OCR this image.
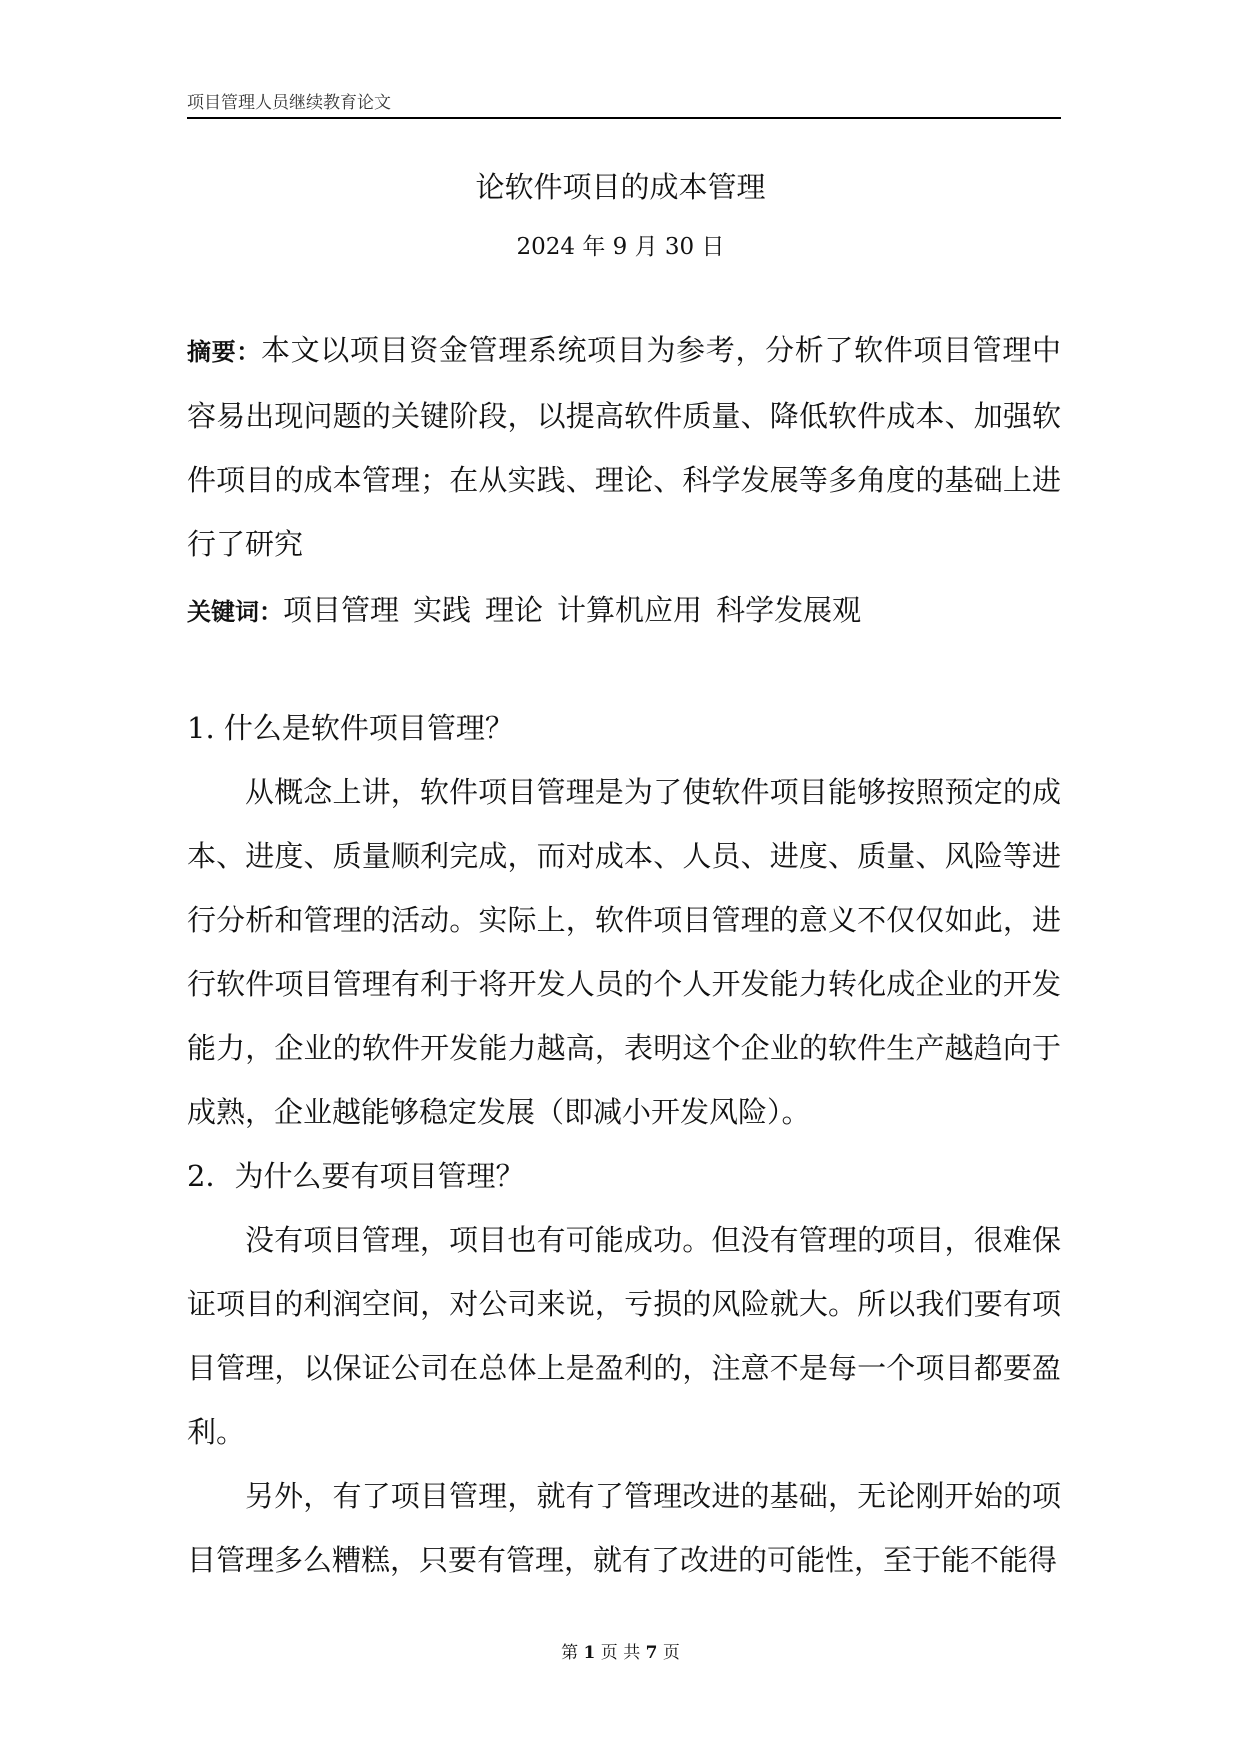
项目管理人员继续教育论文
论软件项目的成本管理
2024 年 9 月 30 日

摘要：本文以项目资金管理系统项目为参考，分析了软件项目管理中容易出现问题的关键阶段，以提高软件质量、降低软件成本、加强软件项目的成本管理；在从实践、理论、科学发展等多角度的基础上进行了研究

关键词：项目管理 实践 理论 计算机应用 科学发展观

1. 什么是软件项目管理？

从概念上讲，软件项目管理是为了使软件项目能够按照预定的成本、进度、质量顺利完成，而对成本、人员、进度、质量、风险等进行分析和管理的活动。实际上，软件项目管理的意义不仅仅如此，进行软件项目管理有利于将开发人员的个人开发能力转化成企业的开发能力，企业的软件开发能力越高，表明这个企业的软件生产越趋向于成熟，企业越能够稳定发展（即减小开发风险）。

2．为什么要有项目管理？

没有项目管理，项目也有可能成功。但没有管理的项目，很难保证项目的利润空间，对公司来说，亏损的风险就大。所以我们要有项目管理，以保证公司在总体上是盈利的，注意不是每一个项目都要盈利。

另外，有了项目管理，就有了管理改进的基础，无论刚开始的项目管理多么糟糕，只要有管理，就有了改进的可能性，至于能不能得

第 1 页 共 7 页
